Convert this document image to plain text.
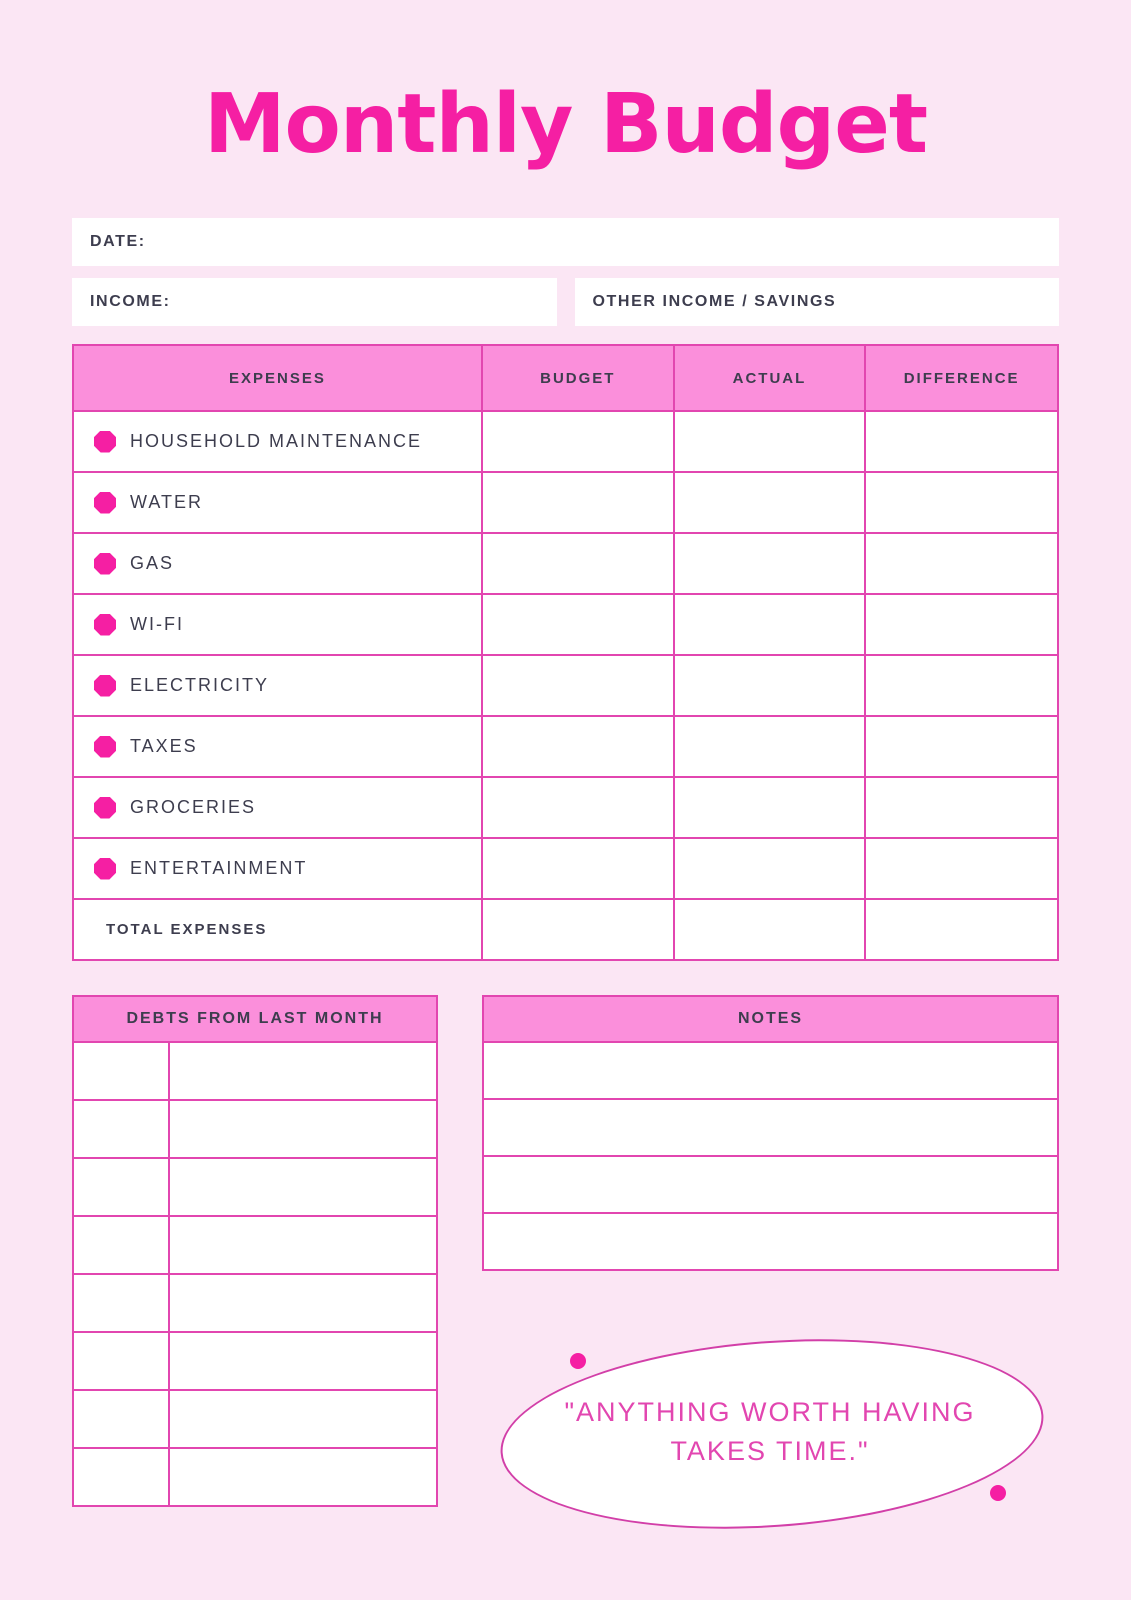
Monthly Budget
DATE:
INCOME:	OTHER INCOME / SAVINGS
EXPENSES	BUDGET	ACTUAL	DIFFERENCE

HOUSEHOLD MAINTENANCE			

WATER			

GAS			

WI-FI			

ELECTRICITY			

TAXES			

GROCERIES			

ENTERTAINMENT			

TOTAL EXPENSES			
DEBTS FROM LAST MONTH

		NOTES

"ANYTHING WORTH HAVING TAKES TIME."
